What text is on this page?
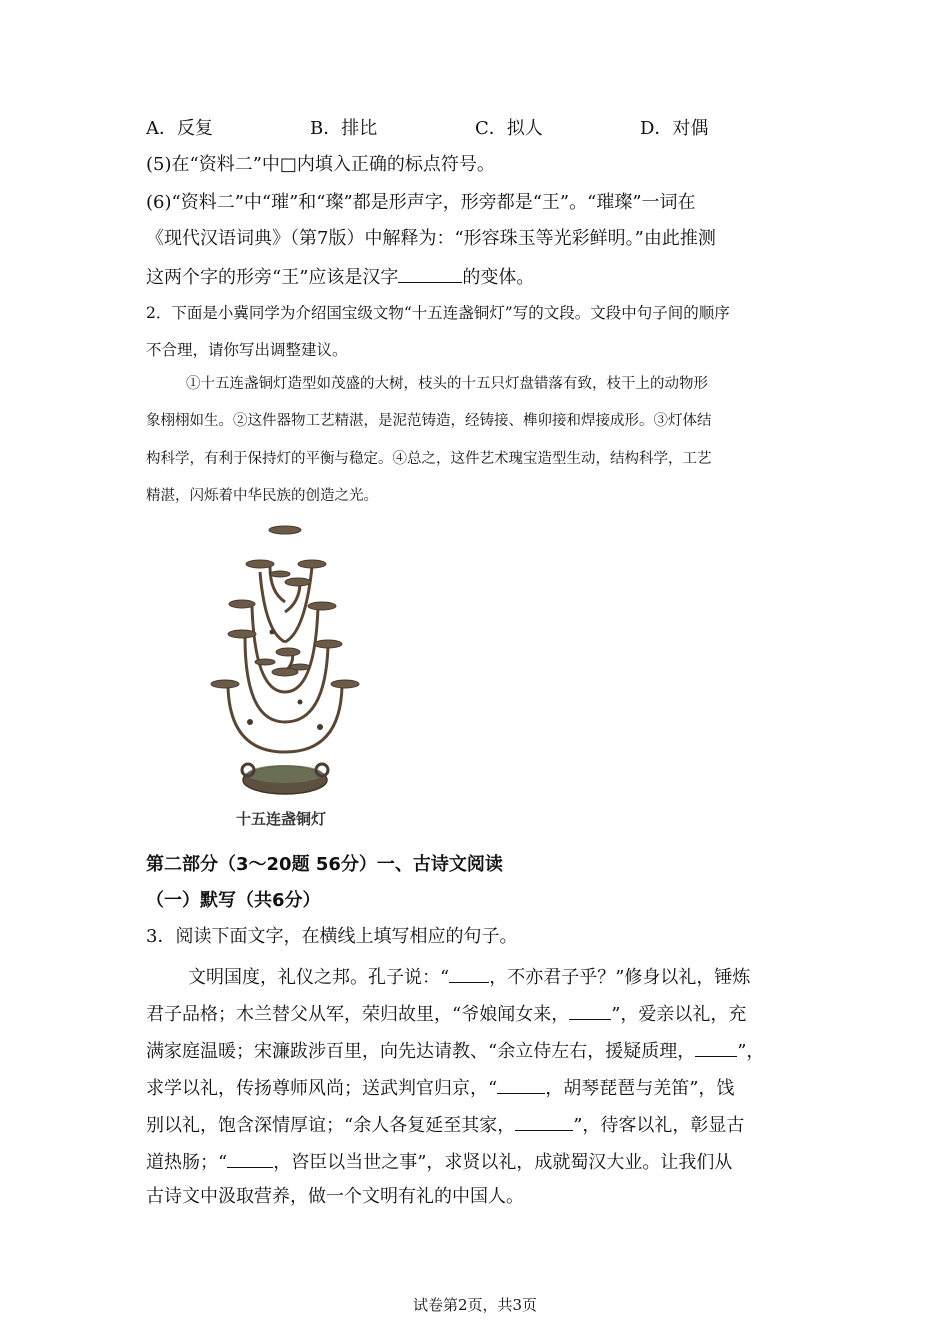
A．反复	B．排比	C．拟人	D．对偶
(5)在“资料二”中□内填入正确的标点符号。
(6)“资料二”中“璀”和“璨”都是形声字，形旁都是“王”。“璀璨”一词在
《现代汉语词典》（第7版）中解释为：“形容珠玉等光彩鲜明。”由此推测
这两个字的形旁“王”应该是汉字	的变体。
2．下面是小冀同学为介绍国宝级文物“十五连盏铜灯”写的文段。文段中句子间的顺序
不合理，请你写出调整建议。
①十五连盏铜灯造型如茂盛的大树，枝头的十五只灯盘错落有致，枝干上的动物形
象栩栩如生。②这件器物工艺精湛，是泥范铸造，经铸接、榫卯接和焊接成形。③灯体结
构科学，有利于保持灯的平衡与稳定。④总之，这件艺术瑰宝造型生动，结构科学，工艺
精湛，闪烁着中华民族的创造之光。
十五连盏铜灯
第二部分（3～20题 56分）一、古诗文阅读
（一）默写（共6分）
3．阅读下面文字，在横线上填写相应的句子。
文明国度，礼仪之邦。孔子说：“ ，不亦君子乎？”修身以礼，锤炼
君子品格；木兰替父从军，荣归故里，“爷娘闻女来， ”，爱亲以礼，充
满家庭温暖；宋濂跋涉百里，向先达请教、“余立侍左右，援疑质理， ”，
求学以礼，传扬尊师风尚；送武判官归京，“	，胡琴琵琶与羌笛”，饯
别以礼，饱含深情厚谊；“余人各复延至其家，	”，待客以礼，彰显古
道热肠；“	，咨臣以当世之事”，求贤以礼，成就蜀汉大业。让我们从
古诗文中汲取营养，做一个文明有礼的中国人。
试卷第2页，共3页
